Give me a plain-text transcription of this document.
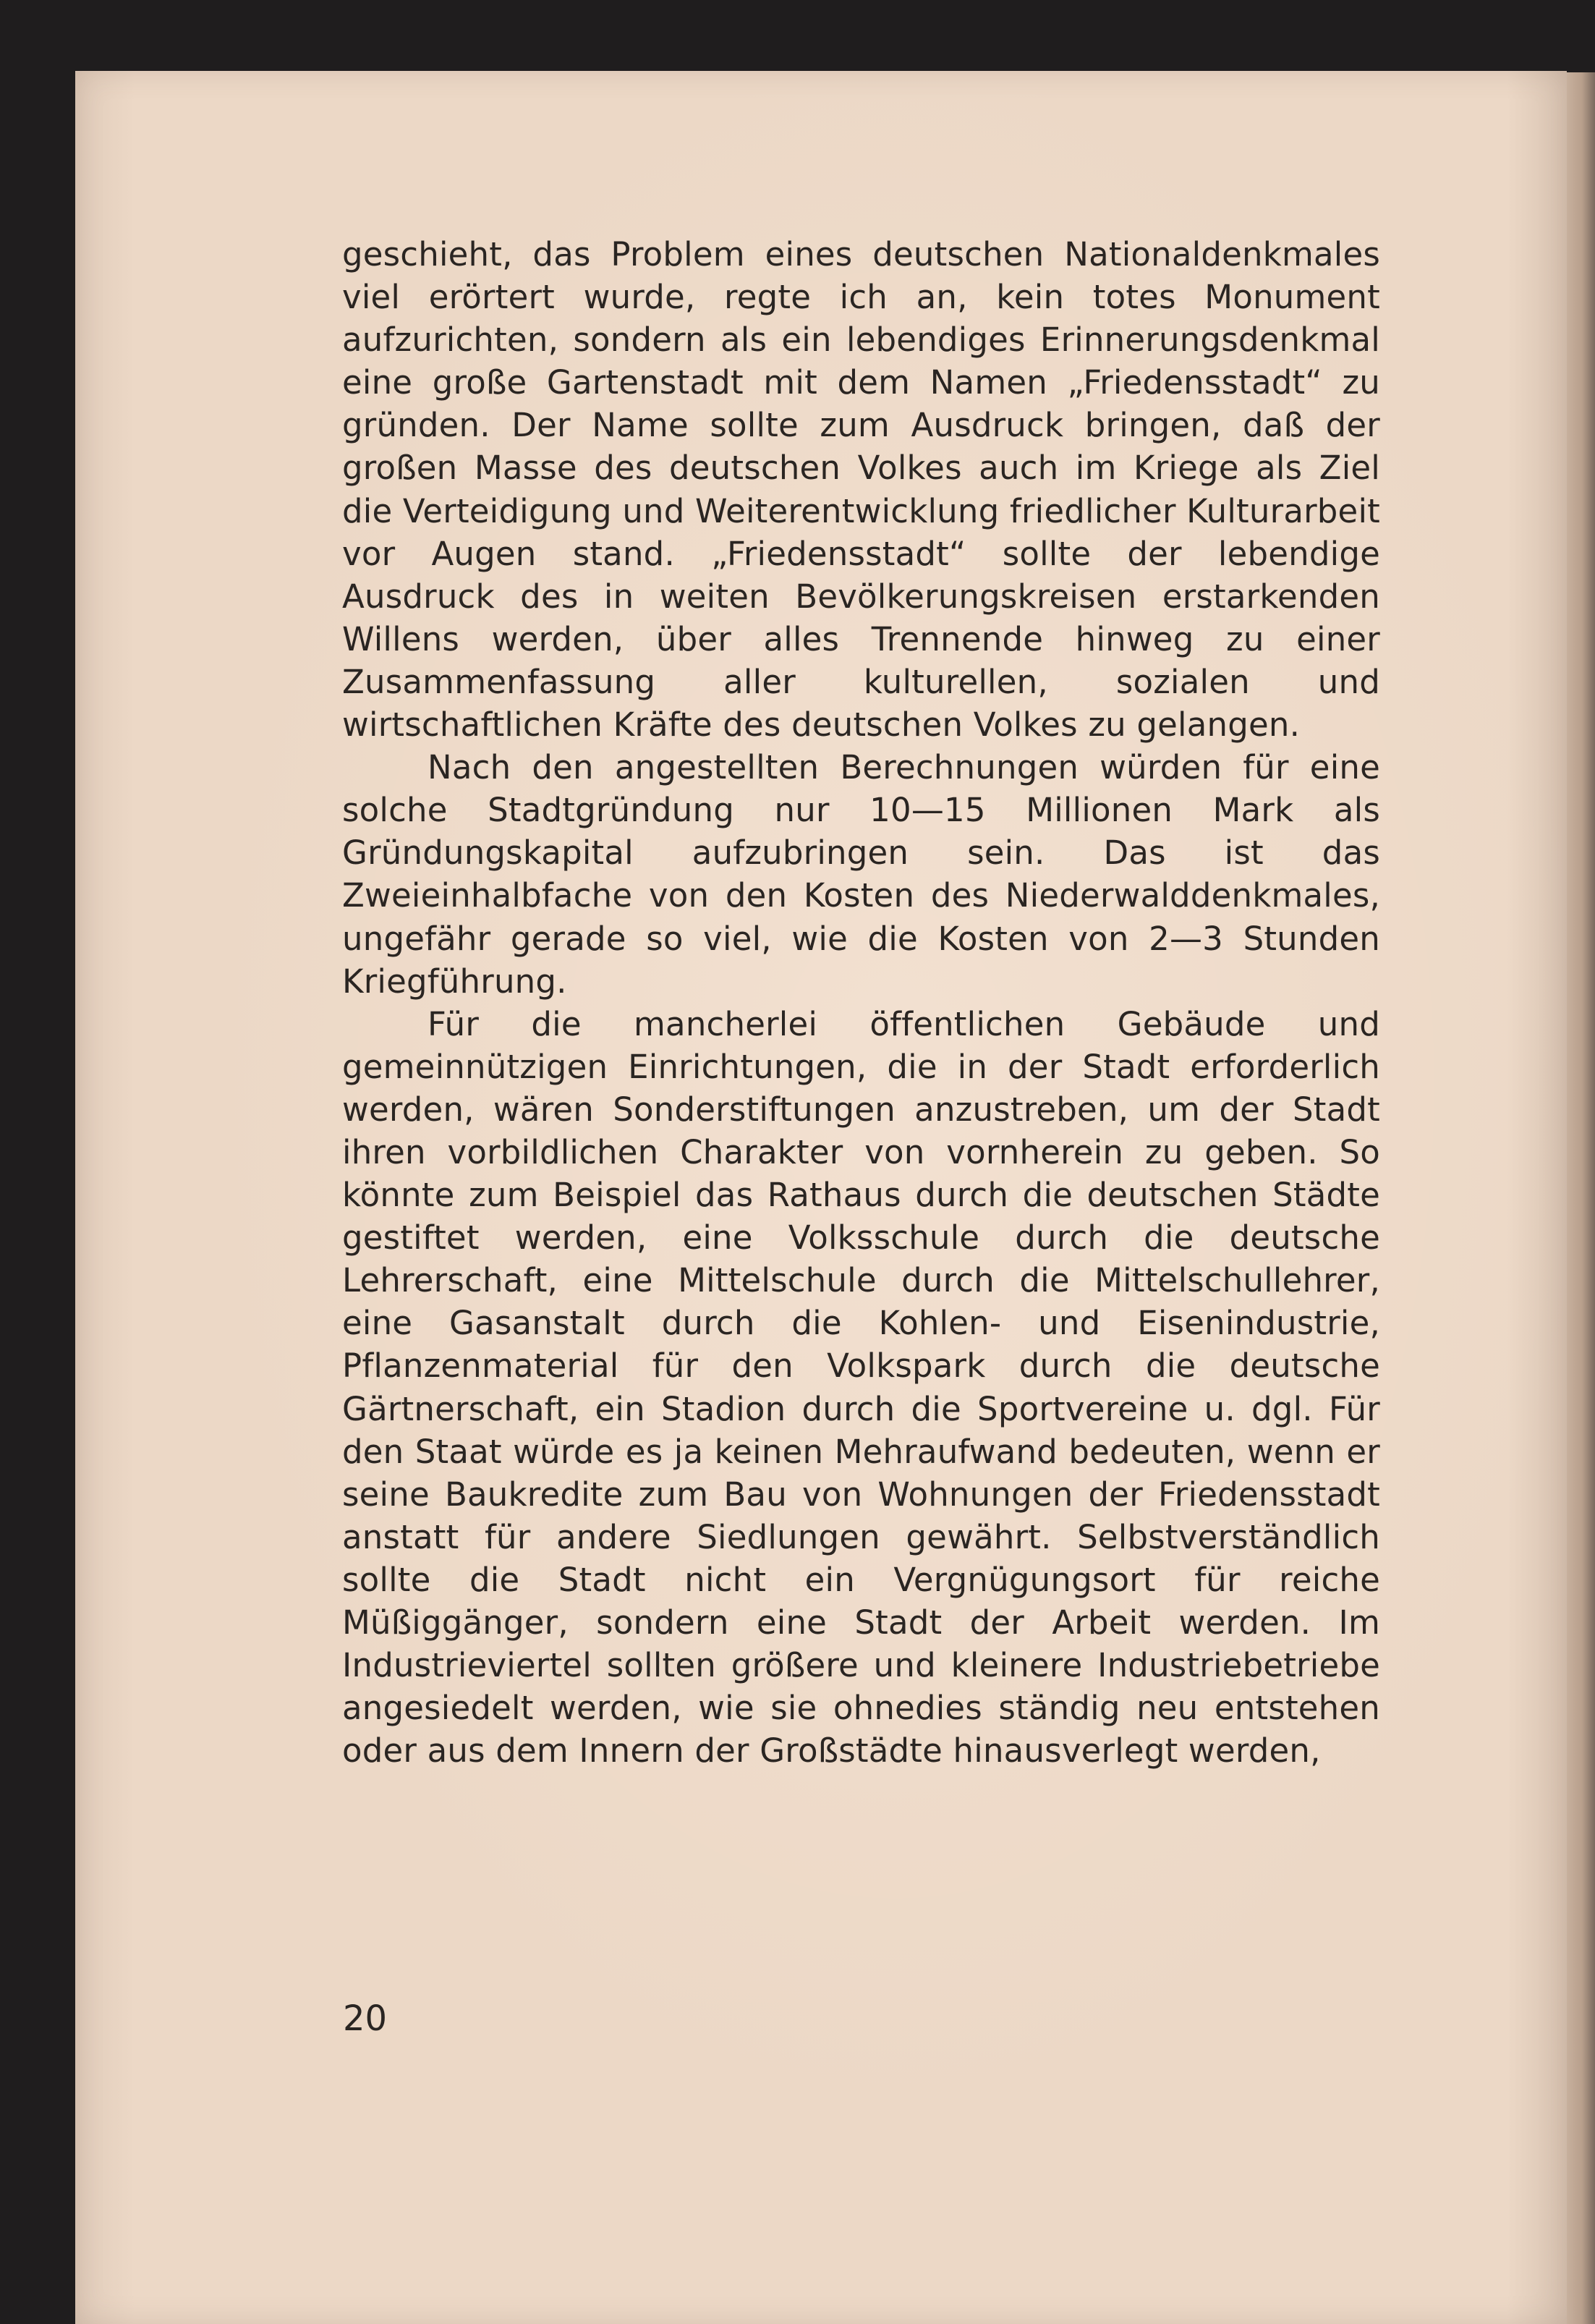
geschieht, das Problem eines deutschen Nationaldenkmales viel erörtert wurde, regte ich an, kein totes Monument aufzurichten, sondern als ein lebendiges Erinnerungsdenkmal eine große Gartenstadt mit dem Namen „Friedensstadt“ zu gründen. Der Name sollte zum Ausdruck bringen, daß der großen Masse des deutschen Volkes auch im Kriege als Ziel die Verteidigung und Weiterentwicklung friedlicher Kulturarbeit vor Augen stand. „Friedensstadt“ sollte der lebendige Ausdruck des in weiten Bevölkerungskreisen erstarkenden Willens werden, über alles Trennende hinweg zu einer Zusammenfassung aller kulturellen, sozialen und wirtschaftlichen Kräfte des deutschen Volkes zu gelangen.

Nach den angestellten Berechnungen würden für eine solche Stadtgründung nur 10—15 Millionen Mark als Gründungskapital aufzubringen sein. Das ist das Zweieinhalbfache von den Kosten des Niederwalddenkmales, ungefähr gerade so viel, wie die Kosten von 2—3 Stunden Kriegführung.

Für die mancherlei öffentlichen Gebäude und gemeinnützigen Einrichtungen, die in der Stadt erforderlich werden, wären Sonderstiftungen anzustreben, um der Stadt ihren vorbildlichen Charakter von vornherein zu geben. So könnte zum Beispiel das Rathaus durch die deutschen Städte gestiftet werden, eine Volksschule durch die deutsche Lehrerschaft, eine Mittelschule durch die Mittelschullehrer, eine Gasanstalt durch die Kohlen- und Eisenindustrie, Pflanzenmaterial für den Volkspark durch die deutsche Gärtnerschaft, ein Stadion durch die Sportvereine u. dgl. Für den Staat würde es ja keinen Mehraufwand bedeuten, wenn er seine Baukredite zum Bau von Wohnungen der Friedensstadt anstatt für andere Siedlungen gewährt. Selbstverständlich sollte die Stadt nicht ein Vergnügungsort für reiche Müßiggänger, sondern eine Stadt der Arbeit werden. Im Industrieviertel sollten größere und kleinere Industriebetriebe angesiedelt werden, wie sie ohnedies ständig neu entstehen oder aus dem Innern der Großstädte hinausverlegt werden,

20
